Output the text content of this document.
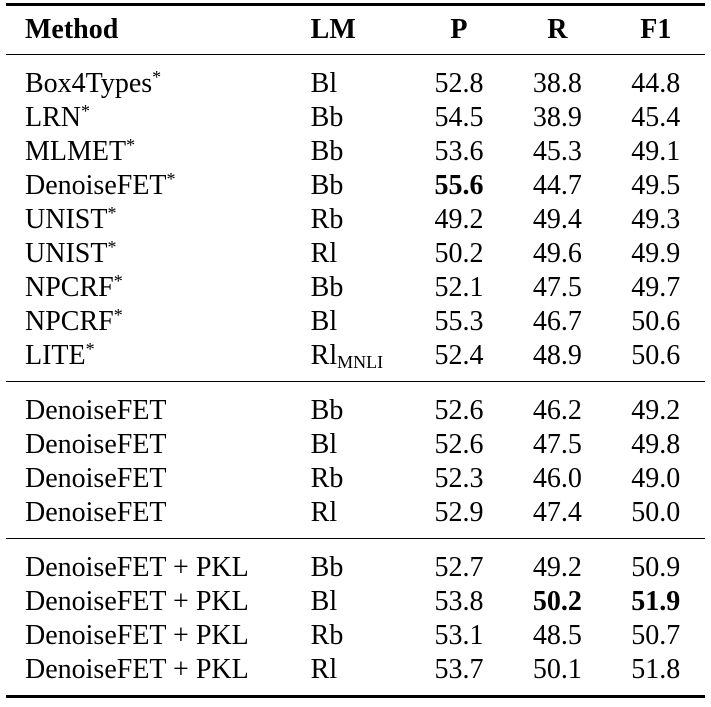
Method	LM	P	R	F1
Box4Types*	Bl	52.8	38.8	44.8
LRN*	Bb	54.5	38.9	45.4
MLMET*	Bb	53.6	45.3	49.1
DenoiseFET*	Bb	55.6	44.7	49.5
UNIST*	Rb	49.2	49.4	49.3
UNIST*	Rl	50.2	49.6	49.9
NPCRF*	Bb	52.1	47.5	49.7
NPCRF*	Bl	55.3	46.7	50.6
LITE*	$Rl_{MNLI}$	52.4	48.9	50.6
DenoiseFET	Bb	52.6	46.2	49.2
DenoiseFET	Bl	52.6	47.5	49.8
DenoiseFET	Rb	52.3	46.0	49.0
DenoiseFET	Rl	52.9	47.4	50.0
DenoiseFET + PKL	Bb	52.7	49.2	50.9
DenoiseFET + PKL	Bl	53.8	50.2	51.9
DenoiseFET + PKL	Rb	53.1	48.5	50.7
DenoiseFET + PKL	Rl	53.7	50.1	51.8
